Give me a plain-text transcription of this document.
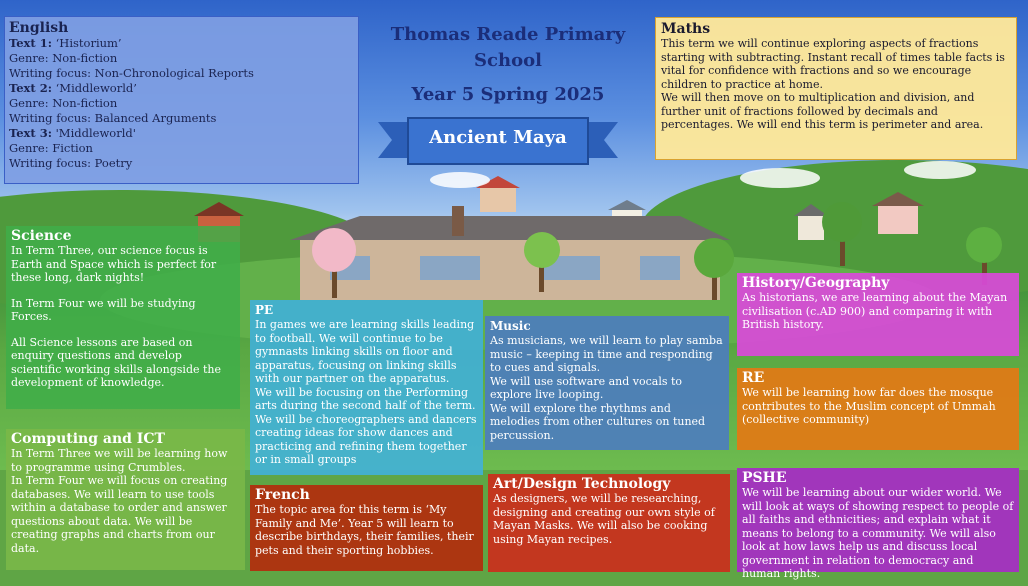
Thomas Reade Primary School
Year 5 Spring 2025
Ancient Maya
English
Text 1: ‘Historium’
Genre: Non-fiction
Writing focus: Non-Chronological Reports
Text 2: ‘Middleworld’
Genre: Non-fiction
Writing focus: Balanced Arguments
Text 3: 'Middleworld'
Genre: Fiction
Writing focus: Poetry
Maths

This term we will continue exploring aspects of fractions starting with subtracting. Instant recall of times table facts is vital for confidence with fractions and so we encourage children to practice at home.

We will then move on to multiplication and division, and further unit of fractions followed by decimals and percentages. We will end this term is perimeter and area.

Science

In Term Three, our science focus is Earth and Space which is perfect for these long, dark nights!

In Term Four we will be studying Forces.

All Science lessons are based on enquiry questions and develop scientific working skills alongside the development of knowledge.

PE

In games we are learning skills leading to football. We will continue to be gymnasts linking skills on floor and apparatus, focusing on linking skills with our partner on the apparatus.

We will be focusing on the Performing arts during the second half of the term. We will be choreographers and dancers creating ideas for show dances and practicing and refining them together or in small groups

Music

As musicians, we will learn to play samba music – keeping in time and responding to cues and signals.

We will use software and vocals to explore live looping.

We will explore the rhythms and melodies from other cultures on tuned percussion.

History/Geography

As historians, we are learning about the Mayan civilisation (c.AD 900) and comparing it with British history.

RE

We will be learning how far does the mosque contributes to the Muslim concept of Ummah (collective community)

Computing and ICT

In Term Three we will be learning how to programme using Crumbles.

In Term Four we will focus on creating databases. We will learn to use tools within a database to order and answer questions about data. We will be creating graphs and charts from our data.

French

The topic area for this term is ‘My Family and Me’. Year 5 will learn to describe birthdays, their families, their pets and their sporting hobbies.

Art/Design Technology

As designers, we will be researching, designing and creating our own style of Mayan Masks. We will also be cooking using Mayan recipes.

PSHE

We will be learning about our wider world. We will look at ways of showing respect to people of all faiths and ethnicities; and explain what it means to belong to a community. We will also look at how laws help us and discuss local government in relation to democracy and human rights.
